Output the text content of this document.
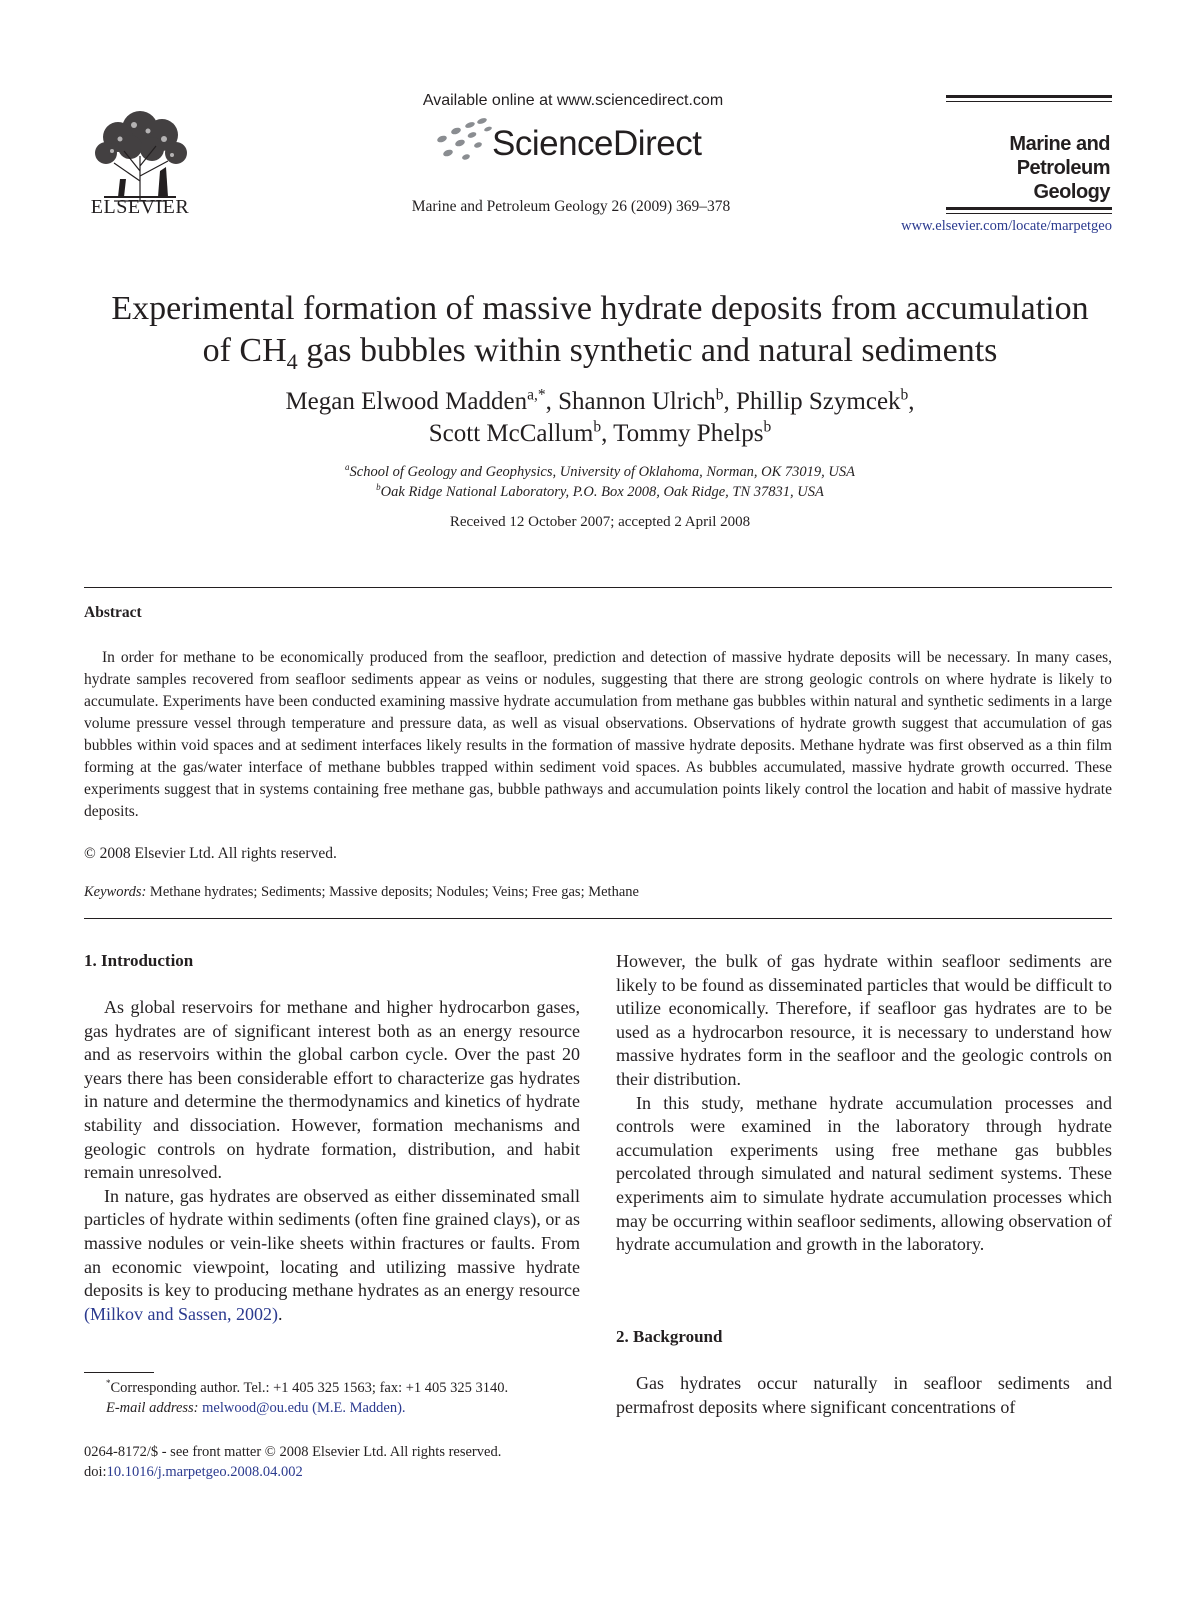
ELSEVIER
Available online at www.sciencedirect.com
ScienceDirect
Marine and Petroleum Geology 26 (2009) 369–378
Marine and
Petroleum Geology
www.elsevier.com/locate/marpetgeo
Experimental formation of massive hydrate deposits from accumulation
of $CH_4$ gas bubbles within synthetic and natural sediments
Megan Elwood Madden$^{a,*}$, Shannon Ulrich$^b$, Phillip Szymcek$^b$,
Scott McCallum$^b$, Tommy Phelps$^b$
$^a$School of Geology and Geophysics, University of Oklahoma, Norman, OK 73019, USA
$^b$Oak Ridge National Laboratory, P.O. Box 2008, Oak Ridge, TN 37831, USA
Received 12 October 2007; accepted 2 April 2008
Abstract

In order for methane to be economically produced from the seafloor, prediction and detection of massive hydrate deposits will be necessary. In many cases, hydrate samples recovered from seafloor sediments appear as veins or nodules, suggesting that there are strong geologic controls on where hydrate is likely to accumulate. Experiments have been conducted examining massive hydrate accumulation from methane gas bubbles within natural and synthetic sediments in a large volume pressure vessel through temperature and pressure data, as well as visual observations. Observations of hydrate growth suggest that accumulation of gas bubbles within void spaces and at sediment interfaces likely results in the formation of massive hydrate deposits. Methane hydrate was first observed as a thin film forming at the gas/water interface of methane bubbles trapped within sediment void spaces. As bubbles accumulated, massive hydrate growth occurred. These experiments suggest that in systems containing free methane gas, bubble pathways and accumulation points likely control the location and habit of massive hydrate deposits.

© 2008 Elsevier Ltd. All rights reserved.
Keywords: Methane hydrates; Sediments; Massive deposits; Nodules; Veins; Free gas; Methane
1. Introduction

As global reservoirs for methane and higher hydrocarbon gases, gas hydrates are of significant interest both as an energy resource and as reservoirs within the global carbon cycle. Over the past 20 years there has been considerable effort to characterize gas hydrates in nature and determine the thermodynamics and kinetics of hydrate stability and dissociation. However, formation mechanisms and geologic controls on hydrate formation, distribution, and habit remain unresolved.

In nature, gas hydrates are observed as either disseminated small particles of hydrate within sediments (often fine grained clays), or as massive nodules or vein-like sheets within fractures or faults. From an economic viewpoint, locating and utilizing massive hydrate deposits is key to producing methane hydrates as an energy resource (Milkov and Sassen, 2002).

*Corresponding author. Tel.: +1 405 325 1563; fax: +1 405 325 3140.
E-mail address: melwood@ou.edu (M.E. Madden).
0264-8172/$ - see front matter © 2008 Elsevier Ltd. All rights reserved.
doi:10.1016/j.marpetgeo.2008.04.002

However, the bulk of gas hydrate within seafloor sediments are likely to be found as disseminated particles that would be difficult to utilize economically. Therefore, if seafloor gas hydrates are to be used as a hydrocarbon resource, it is necessary to understand how massive hydrates form in the seafloor and the geologic controls on their distribution.

In this study, methane hydrate accumulation processes and controls were examined in the laboratory through hydrate accumulation experiments using free methane gas bubbles percolated through simulated and natural sediment systems. These experiments aim to simulate hydrate accumulation processes which may be occurring within seafloor sediments, allowing observation of hydrate accumulation and growth in the laboratory.

2. Background

Gas hydrates occur naturally in seafloor sediments and permafrost deposits where significant concentrations of
